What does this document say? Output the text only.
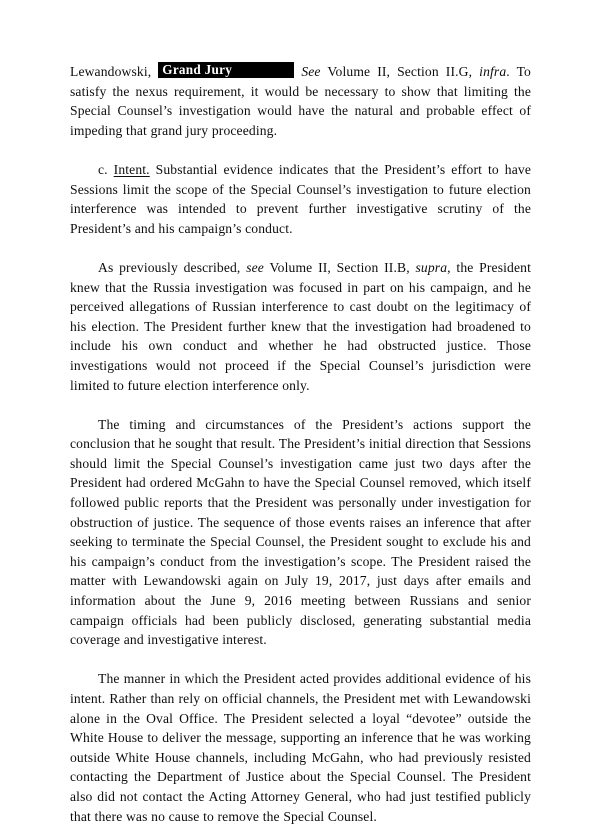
Lewandowski, Grand Jury	See Volume II, Section II.G, infra. To satisfy the nexus requirement, it would be necessary to show that limiting the Special Counsel’s investigation would have the natural and probable effect of impeding that grand jury proceeding.

c. Intent. Substantial evidence indicates that the President’s effort to have Sessions limit the scope of the Special Counsel’s investigation to future election interference was intended to prevent further investigative scrutiny of the President’s and his campaign’s conduct.

As previously described, see Volume II, Section II.B, supra, the President knew that the Russia investigation was focused in part on his campaign, and he perceived allegations of Russian interference to cast doubt on the legitimacy of his election. The President further knew that the investigation had broadened to include his own conduct and whether he had obstructed justice. Those investigations would not proceed if the Special Counsel’s jurisdiction were limited to future election interference only.

The timing and circumstances of the President’s actions support the conclusion that he sought that result. The President’s initial direction that Sessions should limit the Special Counsel’s investigation came just two days after the President had ordered McGahn to have the Special Counsel removed, which itself followed public reports that the President was personally under investigation for obstruction of justice. The sequence of those events raises an inference that after seeking to terminate the Special Counsel, the President sought to exclude his and his campaign’s conduct from the investigation’s scope. The President raised the matter with Lewandowski again on July 19, 2017, just days after emails and information about the June 9, 2016 meeting between Russians and senior campaign officials had been publicly disclosed, generating substantial media coverage and investigative interest.

The manner in which the President acted provides additional evidence of his intent. Rather than rely on official channels, the President met with Lewandowski alone in the Oval Office. The President selected a loyal “devotee” outside the White House to deliver the message, supporting an inference that he was working outside White House channels, including McGahn, who had previously resisted contacting the Department of Justice about the Special Counsel. The President also did not contact the Acting Attorney General, who had just testified publicly that there was no cause to remove the Special Counsel.
